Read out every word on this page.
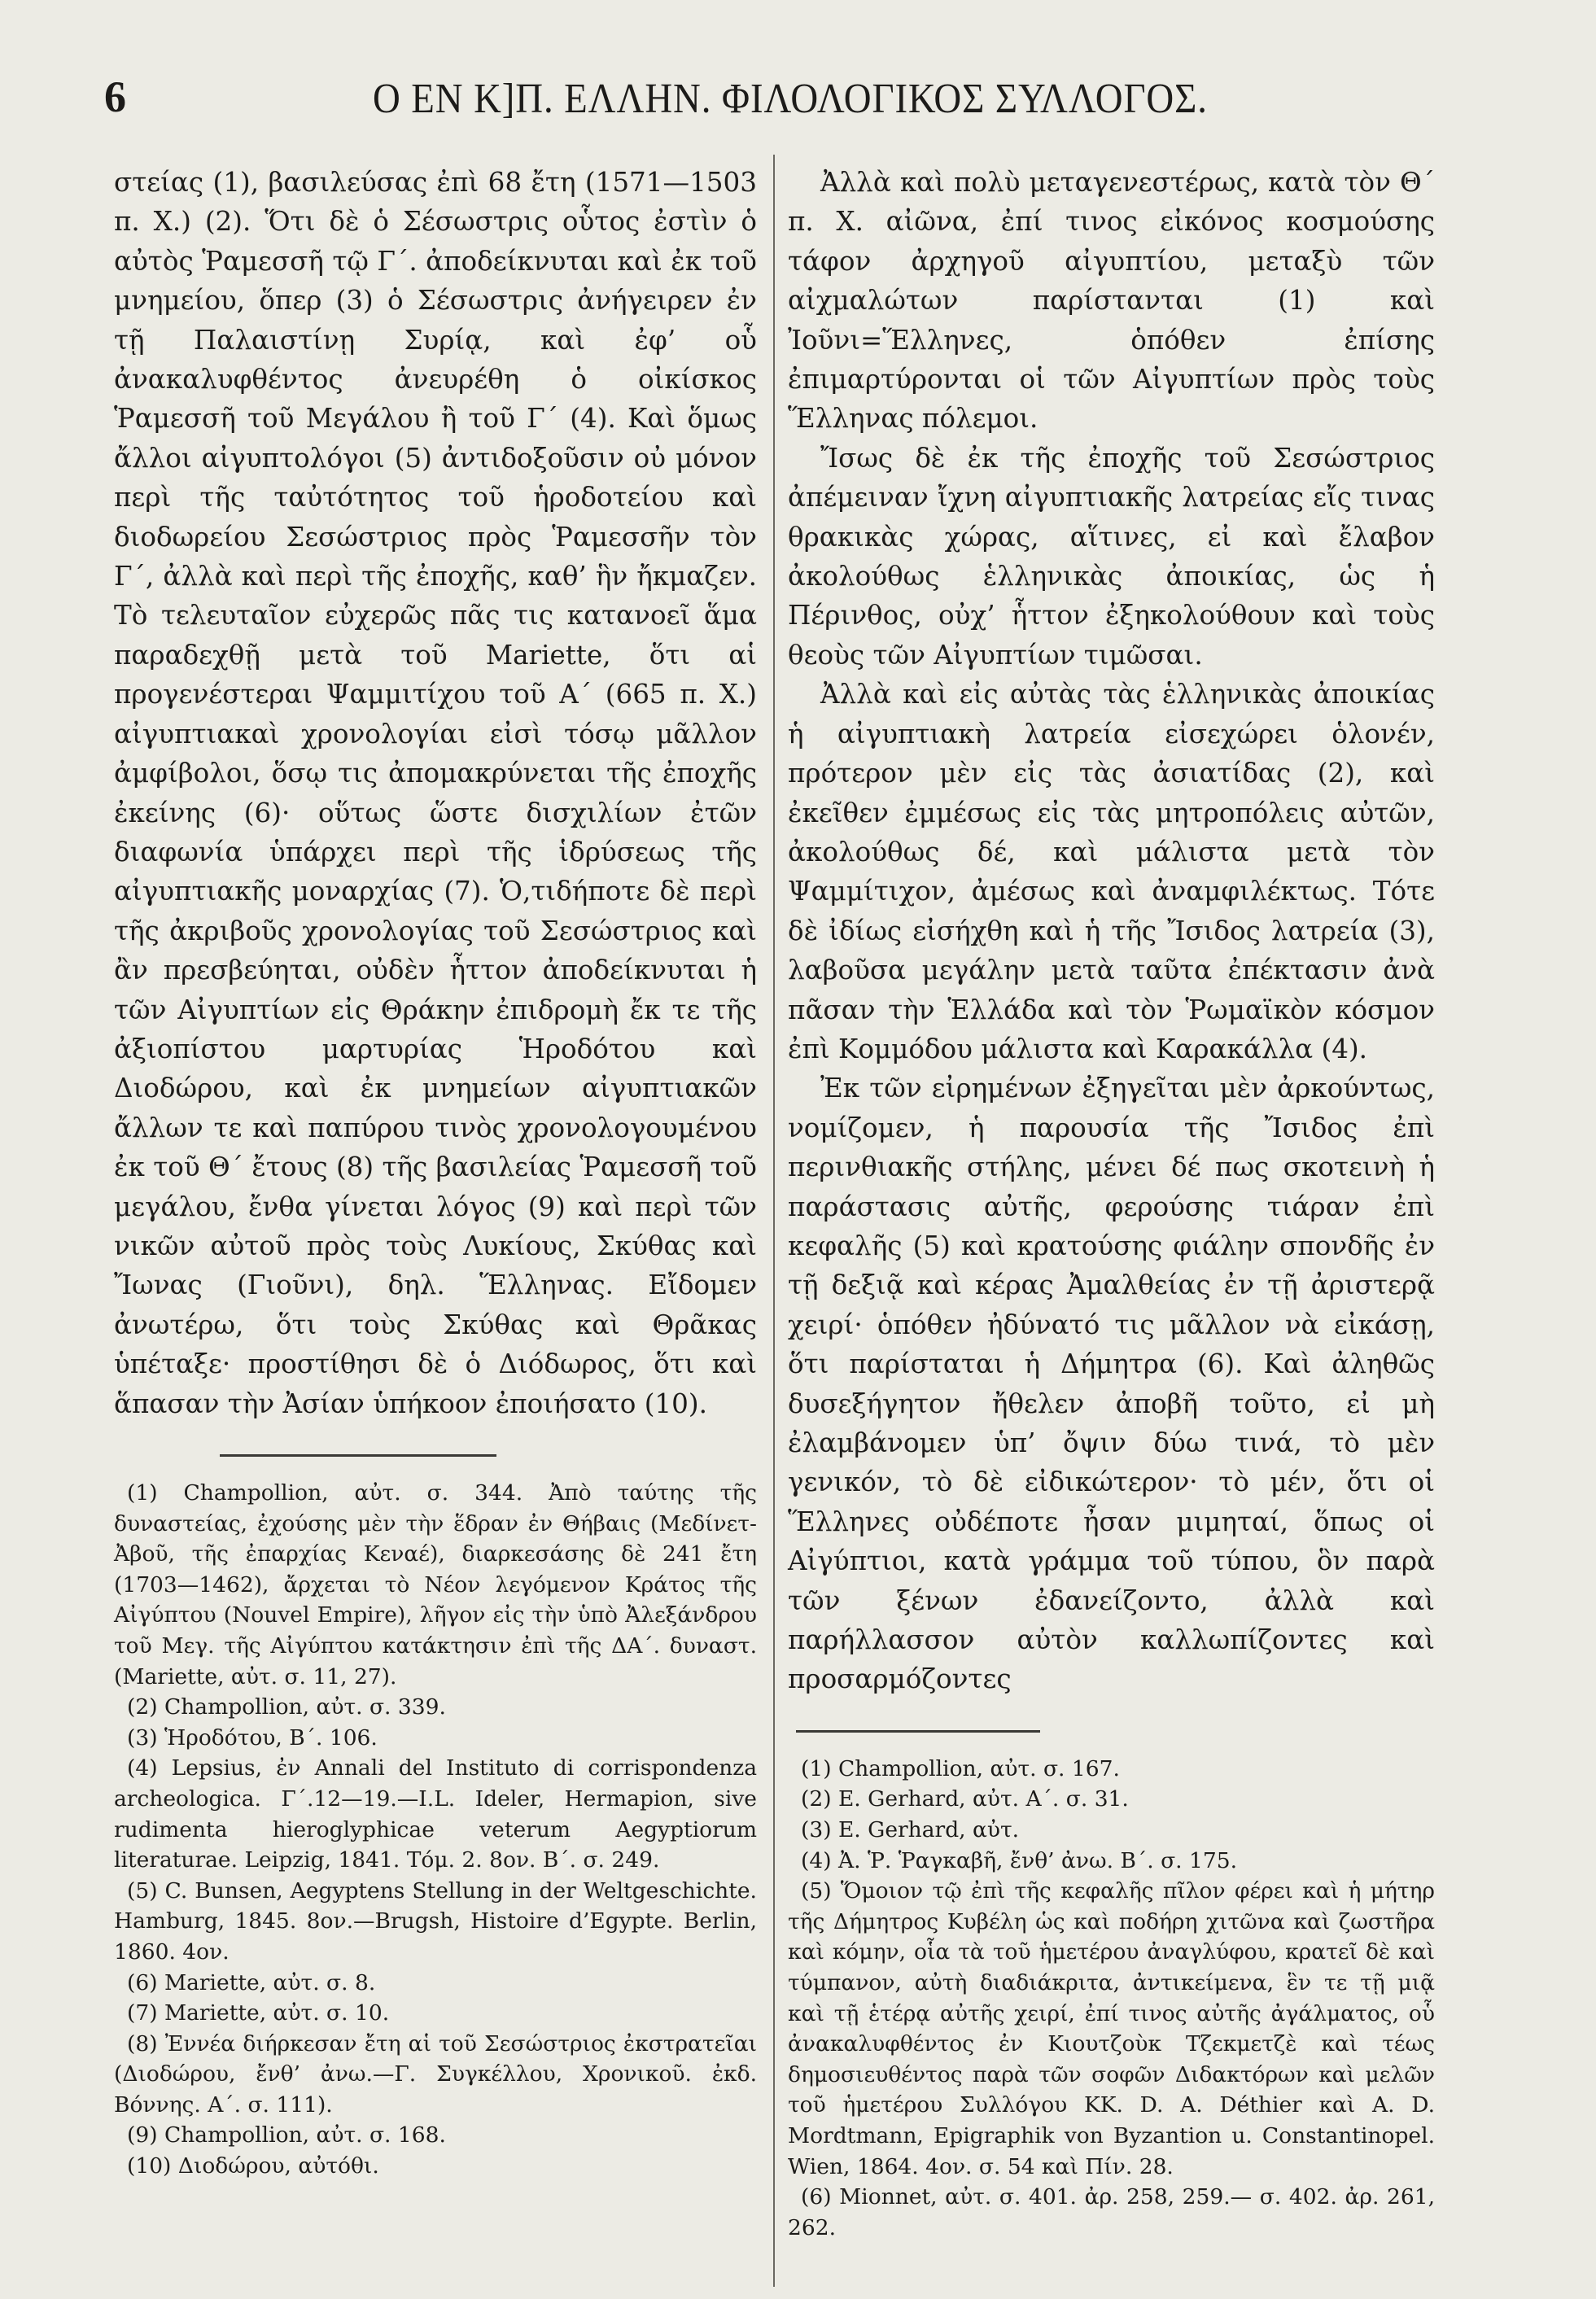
6	Ο ΕΝ Κ]Π. ΕΛΛΗΝ. ΦΙΛΟΛΟΓΙΚΟΣ ΣΥΛΛΟΓΟΣ.

στείας (1), βασιλεύσας ἐπὶ 68 ἔτη (1571—1503 π. Χ.) (2). Ὅτι δὲ ὁ Σέσωστρις οὗτος ἐστὶν ὁ αὐτὸς Ῥαμεσσῆ τῷ Γ΄. ἀποδείκνυται καὶ ἐκ τοῦ μνημείου, ὅπερ (3) ὁ Σέσωστρις ἀνήγειρεν ἐν τῇ Παλαιστίνῃ Συρίᾳ, καὶ ἐφ’ οὗ ἀνακαλυφθέντος ἀνευρέθη ὁ οἰκίσκος Ῥαμεσσῆ τοῦ Μεγάλου ἢ τοῦ Γ΄ (4). Καὶ ὅμως ἄλλοι αἰγυπτολόγοι (5) ἀντιδοξοῦσιν οὐ μόνον περὶ τῆς ταὐτότητος τοῦ ἡροδοτείου καὶ διοδωρείου Σεσώστριος πρὸς Ῥαμεσσῆν τὸν Γ΄, ἀλλὰ καὶ περὶ τῆς ἐποχῆς, καθ’ ἣν ἤκμαζεν. Τὸ τελευταῖον εὐχερῶς πᾶς τις κατανοεῖ ἅμα παραδεχθῇ μετὰ τοῦ Mariette, ὅτι αἱ προγενέστεραι Ψαμμιτίχου τοῦ Α΄ (665 π. Χ.) αἰγυπτιακαὶ χρονολογίαι εἰσὶ τόσῳ μᾶλλον ἀμφίβολοι, ὅσῳ τις ἀπομακρύνεται τῆς ἐποχῆς ἐκείνης (6)· οὕτως ὥστε δισχιλίων ἐτῶν διαφωνία ὑπάρχει περὶ τῆς ἱδρύσεως τῆς αἰγυπτιακῆς μοναρχίας (7). Ὁ,τιδήποτε δὲ περὶ τῆς ἀκριβοῦς χρονολογίας τοῦ Σεσώστριος καὶ ἂν πρεσβεύηται, οὐδὲν ἧττον ἀποδείκνυται ἡ τῶν Αἰγυπτίων εἰς Θράκην ἐπιδρομὴ ἔκ τε τῆς ἀξιοπίστου μαρτυρίας Ἡροδότου καὶ Διοδώρου, καὶ ἐκ μνημείων αἰγυπτιακῶν ἄλλων τε καὶ παπύρου τινὸς χρονολογουμένου ἐκ τοῦ Θ΄ ἔτους (8) τῆς βασιλείας Ῥαμεσσῆ τοῦ μεγάλου, ἔνθα γίνεται λόγος (9) καὶ περὶ τῶν νικῶν αὐτοῦ πρὸς τοὺς Λυκίους, Σκύθας καὶ Ἴωνας (Γιοῦνι), δηλ. Ἕλληνας. Εἴδομεν ἀνωτέρω, ὅτι τοὺς Σκύθας καὶ Θρᾶκας ὑπέταξε· προστίθησι δὲ ὁ Διόδωρος, ὅτι καὶ ἅπασαν τὴν Ἀσίαν ὑπήκοον ἐποιήσατο (10).

(1) Champollion, αὐτ. σ. 344. Ἀπὸ ταύτης τῆς δυναστείας, ἐχούσης μὲν τὴν ἕδραν ἐν Θήβαις (Μεδίνετ-Ἀβοῦ, τῆς ἐπαρχίας Κεναέ), διαρκεσάσης δὲ 241 ἔτη (1703—1462), ἄρχεται τὸ Νέον λεγόμενον Κράτος τῆς Αἰγύπτου (Nouvel Empire), λῆγον εἰς τὴν ὑπὸ Ἀλεξάνδρου τοῦ Μεγ. τῆς Αἰγύπτου κατάκτησιν ἐπὶ τῆς ΔΑ΄. δυναστ. (Mariette, αὐτ. σ. 11, 27).

(2) Champollion, αὐτ. σ. 339.

(3) Ἡροδότου, Β΄. 106.

(4) Lepsius, ἐν Annali del Instituto di corrispondenza archeologica. Γ΄.12—19.—I.L. Ideler, Hermapion, sive rudimenta hieroglyphicae veterum Aegyptiorum literaturae. Leipzig, 1841. Τόμ. 2. 8ον. Β΄. σ. 249.

(5) C. Bunsen, Aegyptens Stellung in der Weltgeschichte. Hamburg, 1845. 8ον.—Brugsh, Histoire d’Egypte. Berlin, 1860. 4ον.

(6) Mariette, αὐτ. σ. 8.

(7) Mariette, αὐτ. σ. 10.

(8) Ἐννέα διήρκεσαν ἔτη αἱ τοῦ Σεσώστριος ἐκστρατεῖαι (Διοδώρου, ἔνθ’ ἀνω.—Γ. Συγκέλλου, Χρονικοῦ. ἐκδ. Βόννης. Α΄. σ. 111).

(9) Champollion, αὐτ. σ. 168.

(10) Διοδώρου, αὐτόθι.

Ἀλλὰ καὶ πολὺ μεταγενεστέρως, κατὰ τὸν Θ΄ π. Χ. αἰῶνα, ἐπί τινος εἰκόνος κοσμούσης τάφον ἀρχηγοῦ αἰγυπτίου, μεταξὺ τῶν αἰχμαλώτων παρίστανται (1) καὶ Ἰοῦνι=Ἕλληνες, ὁπόθεν ἐπίσης ἐπιμαρτύρονται οἱ τῶν Αἰγυπτίων πρὸς τοὺς Ἕλληνας πόλεμοι.

Ἴσως δὲ ἐκ τῆς ἐποχῆς τοῦ Σεσώστριος ἀπέμειναν ἴχνη αἰγυπτιακῆς λατρείας εἴς τινας θρακικὰς χώρας, αἵτινες, εἰ καὶ ἔλαβον ἀκολούθως ἑλληνικὰς ἀποικίας, ὡς ἡ Πέρινθος, οὐχ’ ἧττον ἐξηκολούθουν καὶ τοὺς θεοὺς τῶν Αἰγυπτίων τιμῶσαι.

Ἀλλὰ καὶ εἰς αὐτὰς τὰς ἑλληνικὰς ἀποικίας ἡ αἰγυπτιακὴ λατρεία εἰσεχώρει ὁλονέν, πρότερον μὲν εἰς τὰς ἀσιατίδας (2), καὶ ἐκεῖθεν ἐμμέσως εἰς τὰς μητροπόλεις αὐτῶν, ἀκολούθως δέ, καὶ μάλιστα μετὰ τὸν Ψαμμίτιχον, ἀμέσως καὶ ἀναμφιλέκτως. Τότε δὲ ἰδίως εἰσήχθη καὶ ἡ τῆς Ἴσιδος λατρεία (3), λαβοῦσα μεγάλην μετὰ ταῦτα ἐπέκτασιν ἀνὰ πᾶσαν τὴν Ἑλλάδα καὶ τὸν Ῥωμαϊκὸν κόσμον ἐπὶ Κομμόδου μάλιστα καὶ Καρακάλλα (4).

Ἐκ τῶν εἰρημένων ἐξηγεῖται μὲν ἀρκούντως, νομίζομεν, ἡ παρουσία τῆς Ἴσιδος ἐπὶ περινθιακῆς στήλης, μένει δέ πως σκοτεινὴ ἡ παράστασις αὐτῆς, φερούσης τιάραν ἐπὶ κεφαλῆς (5) καὶ κρατούσης φιάλην σπονδῆς ἐν τῇ δεξιᾷ καὶ κέρας Ἀμαλθείας ἐν τῇ ἀριστερᾷ χειρί· ὁπόθεν ἠδύνατό τις μᾶλλον νὰ εἰκάσῃ, ὅτι παρίσταται ἡ Δήμητρα (6). Καὶ ἀληθῶς δυσεξήγητον ἤθελεν ἀποβῆ τοῦτο, εἰ μὴ ἐλαμβάνομεν ὑπ’ ὄψιν δύω τινά, τὸ μὲν γενικόν, τὸ δὲ εἰδικώτερον· τὸ μέν, ὅτι οἱ Ἕλληνες οὐδέποτε ἦσαν μιμηταί, ὅπως οἱ Αἰγύπτιοι, κατὰ γράμμα τοῦ τύπου, ὃν παρὰ τῶν ξένων ἐδανείζοντο, ἀλλὰ καὶ παρήλλασσον αὐτὸν καλλωπίζοντες καὶ προσαρμόζοντες

(1) Champollion, αὐτ. σ. 167.

(2) E. Gerhard, αὐτ. Α΄. σ. 31.

(3) E. Gerhard, αὐτ.

(4) Ἀ. Ῥ. Ῥαγκαβῆ, ἔνθ’ ἀνω. Β΄. σ. 175.

(5) Ὅμοιον τῷ ἐπὶ τῆς κεφαλῆς πῖλον φέρει καὶ ἡ μήτηρ τῆς Δήμητρος Κυβέλη ὡς καὶ ποδήρη χιτῶνα καὶ ζωστῆρα καὶ κόμην, οἷα τὰ τοῦ ἡμετέρου ἀναγλύφου, κρατεῖ δὲ καὶ τύμπανον, αὐτὴ διαδιάκριτα, ἀντικείμενα, ἓν τε τῇ μιᾷ καὶ τῇ ἑτέρᾳ αὐτῆς χειρί, ἐπί τινος αὐτῆς ἀγάλματος, οὗ ἀνακαλυφθέντος ἐν Κιουτζοὺκ Τζεκμετζὲ καὶ τέως δημοσιευθέντος παρὰ τῶν σοφῶν Διδακτόρων καὶ μελῶν τοῦ ἡμετέρου Συλλόγου ΚΚ. D. A. Déthier καὶ A. D. Mordtmann, Epigraphik von Byzantion u. Constantinopel. Wien, 1864. 4ον. σ. 54 καὶ Πίν. 28.

(6) Mionnet, αὐτ. σ. 401. ἀρ. 258, 259.— σ. 402. ἀρ. 261, 262.
